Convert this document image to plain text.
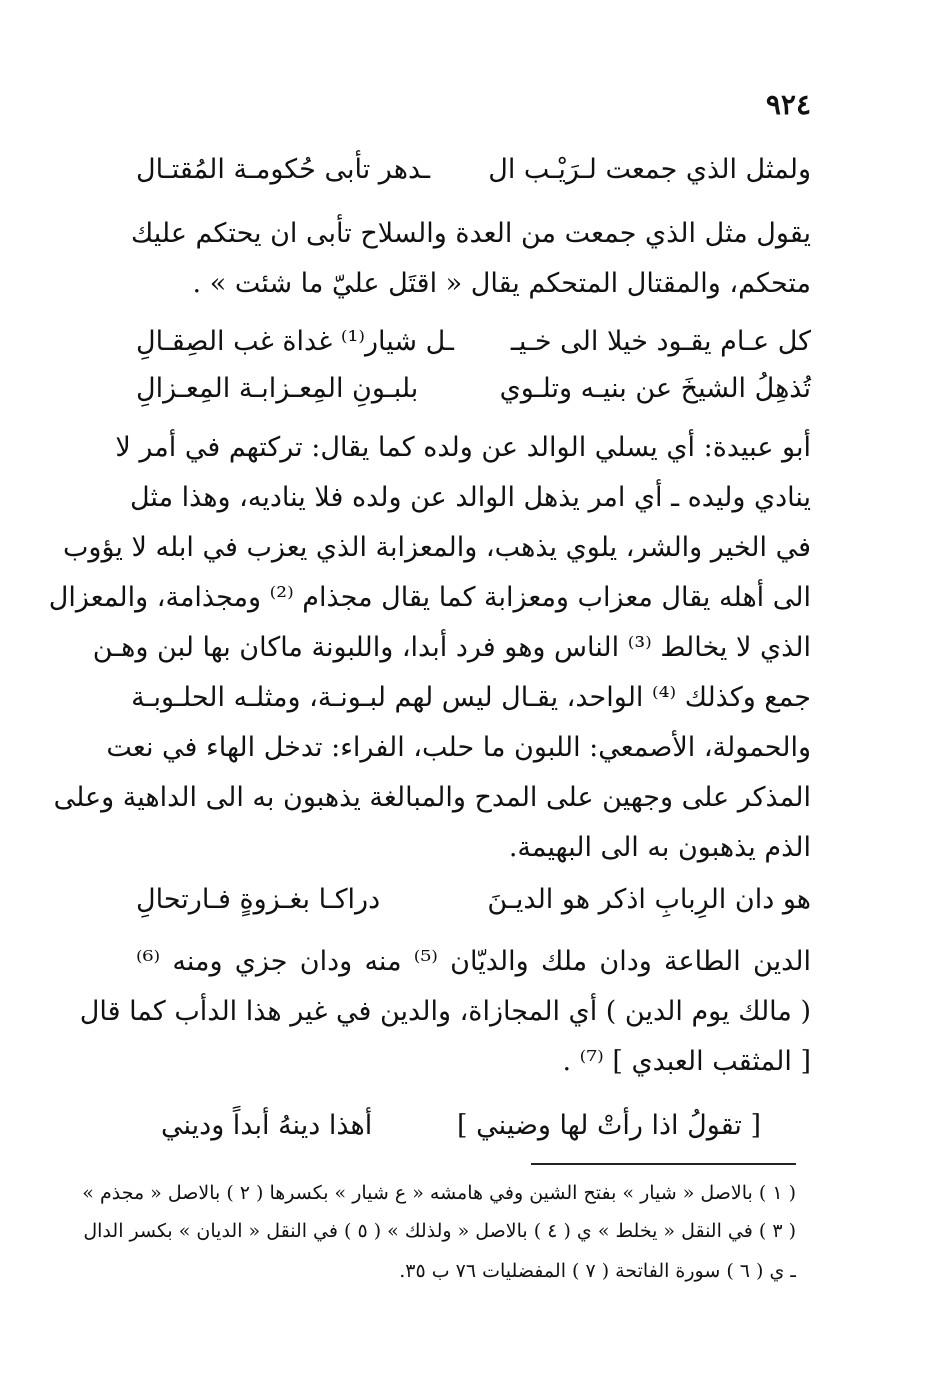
٩٢٤
ولمثل الذي جمعت لـرَيْـب ال
ـدهر تأبى حُكومـة المُقتـال
يقول مثل الذي جمعت من العدة والسلاح تأبى ان يحتكم عليك
متحكم، والمقتال المتحكم يقال « اقتَل عليّ ما شئت » .
كل عـام يقـود خيلا الى خـيـ
ـل شيار⁽¹⁾ غداة غب الصِقـالِ
تُذهِلُ الشيخَ عن بنيـه وتلـوي
بلبـونِ المِعـزابـة المِعـزالِ
أبو عبيدة: أي يسلي الوالد عن ولده كما يقال: تركتهم في أمر لا
ينادي وليده ـ أي امر يذهل الوالد عن ولده فلا يناديه، وهذا مثل
في الخير والشر، يلوي يذهب، والمعزابة الذي يعزب في ابله لا يؤوب
الى أهله يقال معزاب ومعزابة كما يقال مجذام ⁽²⁾ ومجذامة، والمعزال
الذي لا يخالط ⁽³⁾ الناس وهو فرد أبدا، واللبونة ماكان بها لبن وهـن
جمع وكذلك ⁽⁴⁾ الواحد، يقـال ليس لهم لبـونـة، ومثلـه الحلـوبـة
والحمولة، الأصمعي: اللبون ما حلب، الفراء: تدخل الهاء في نعت
المذكر على وجهين على المدح والمبالغة يذهبون به الى الداهية وعلى
الذم يذهبون به الى البهيمة.
هو دان الرِبابِ اذكر هو الديـنَ
دراكـا بغـزوةٍ فـارتحالِ
الدين الطاعة ودان ملك والديّان ⁽⁵⁾ منه ودان جزي ومنه ⁽⁶⁾
( مالك يوم الدين ) أي المجازاة، والدين في غير هذا الدأب كما قال
[ المثقب العبدي ] ⁽⁷⁾ .
[ تقولُ اذا رأتْ لها وضيني ]
أهذا دينهُ أبداً وديني
( ١ ) بالاصل « شيار » بفتح الشين وفي هامشه « ع شيار » بكسرها ( ٢ ) بالاصل « مجذم »
( ٣ ) في النقل « يخلط » ي ( ٤ ) بالاصل « ولذلك » ( ٥ ) في النقل « الديان » بكسر الدال
ـ ي ( ٦ ) سورة الفاتحة ( ٧ ) المفضليات ٧٦ ب ٣٥.
